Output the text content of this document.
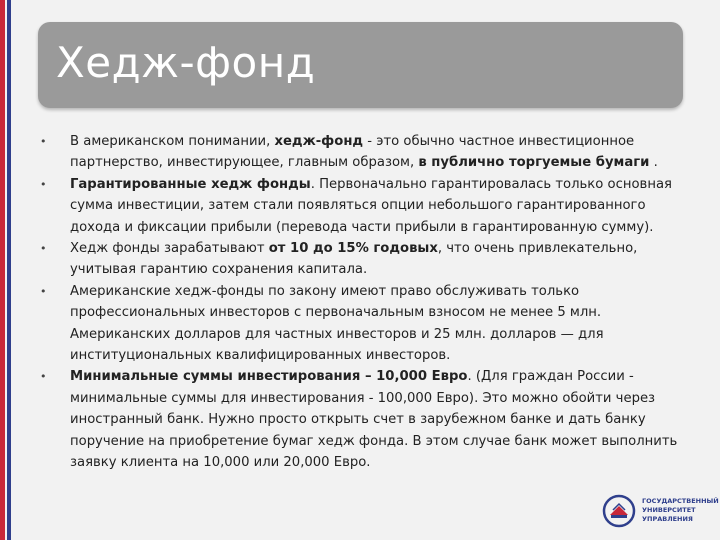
Хедж-фонд
• В американском понимании, хедж-фонд - это обычно частное инвестиционное партнерство, инвестирующее, главным образом, в публично торгуемые бумаги .
• Гарантированные хедж фонды. Первоначально гарантировалась только основная сумма инвестиции, затем стали появляться опции небольшого гарантированного дохода и фиксации прибыли (перевода части прибыли в гарантированную сумму).
• Хедж фонды зарабатывают от 10 до 15% годовых, что очень привлекательно, учитывая гарантию сохранения капитала.
• Американские хедж-фонды по закону имеют право обслуживать только профессиональных инвесторов с первоначальным взносом не менее 5 млн. Американских долларов для частных инвесторов и 25 млн. долларов — для институциональных квалифицированных инвесторов.
• Минимальные суммы инвестирования – 10,000 Евро. (Для граждан России - минимальные суммы для инвестирования - 100,000 Евро). Это можно обойти через иностранный банк. Нужно просто открыть счет в зарубежном банке и дать банку поручение на приобретение бумаг хедж фонда. В этом случае банк может выполнить заявку клиента на 10,000 или 20,000 Евро.
ГОСУДАРСТВЕННЫЙ
УНИВЕРСИТЕТ
УПРАВЛЕНИЯ
